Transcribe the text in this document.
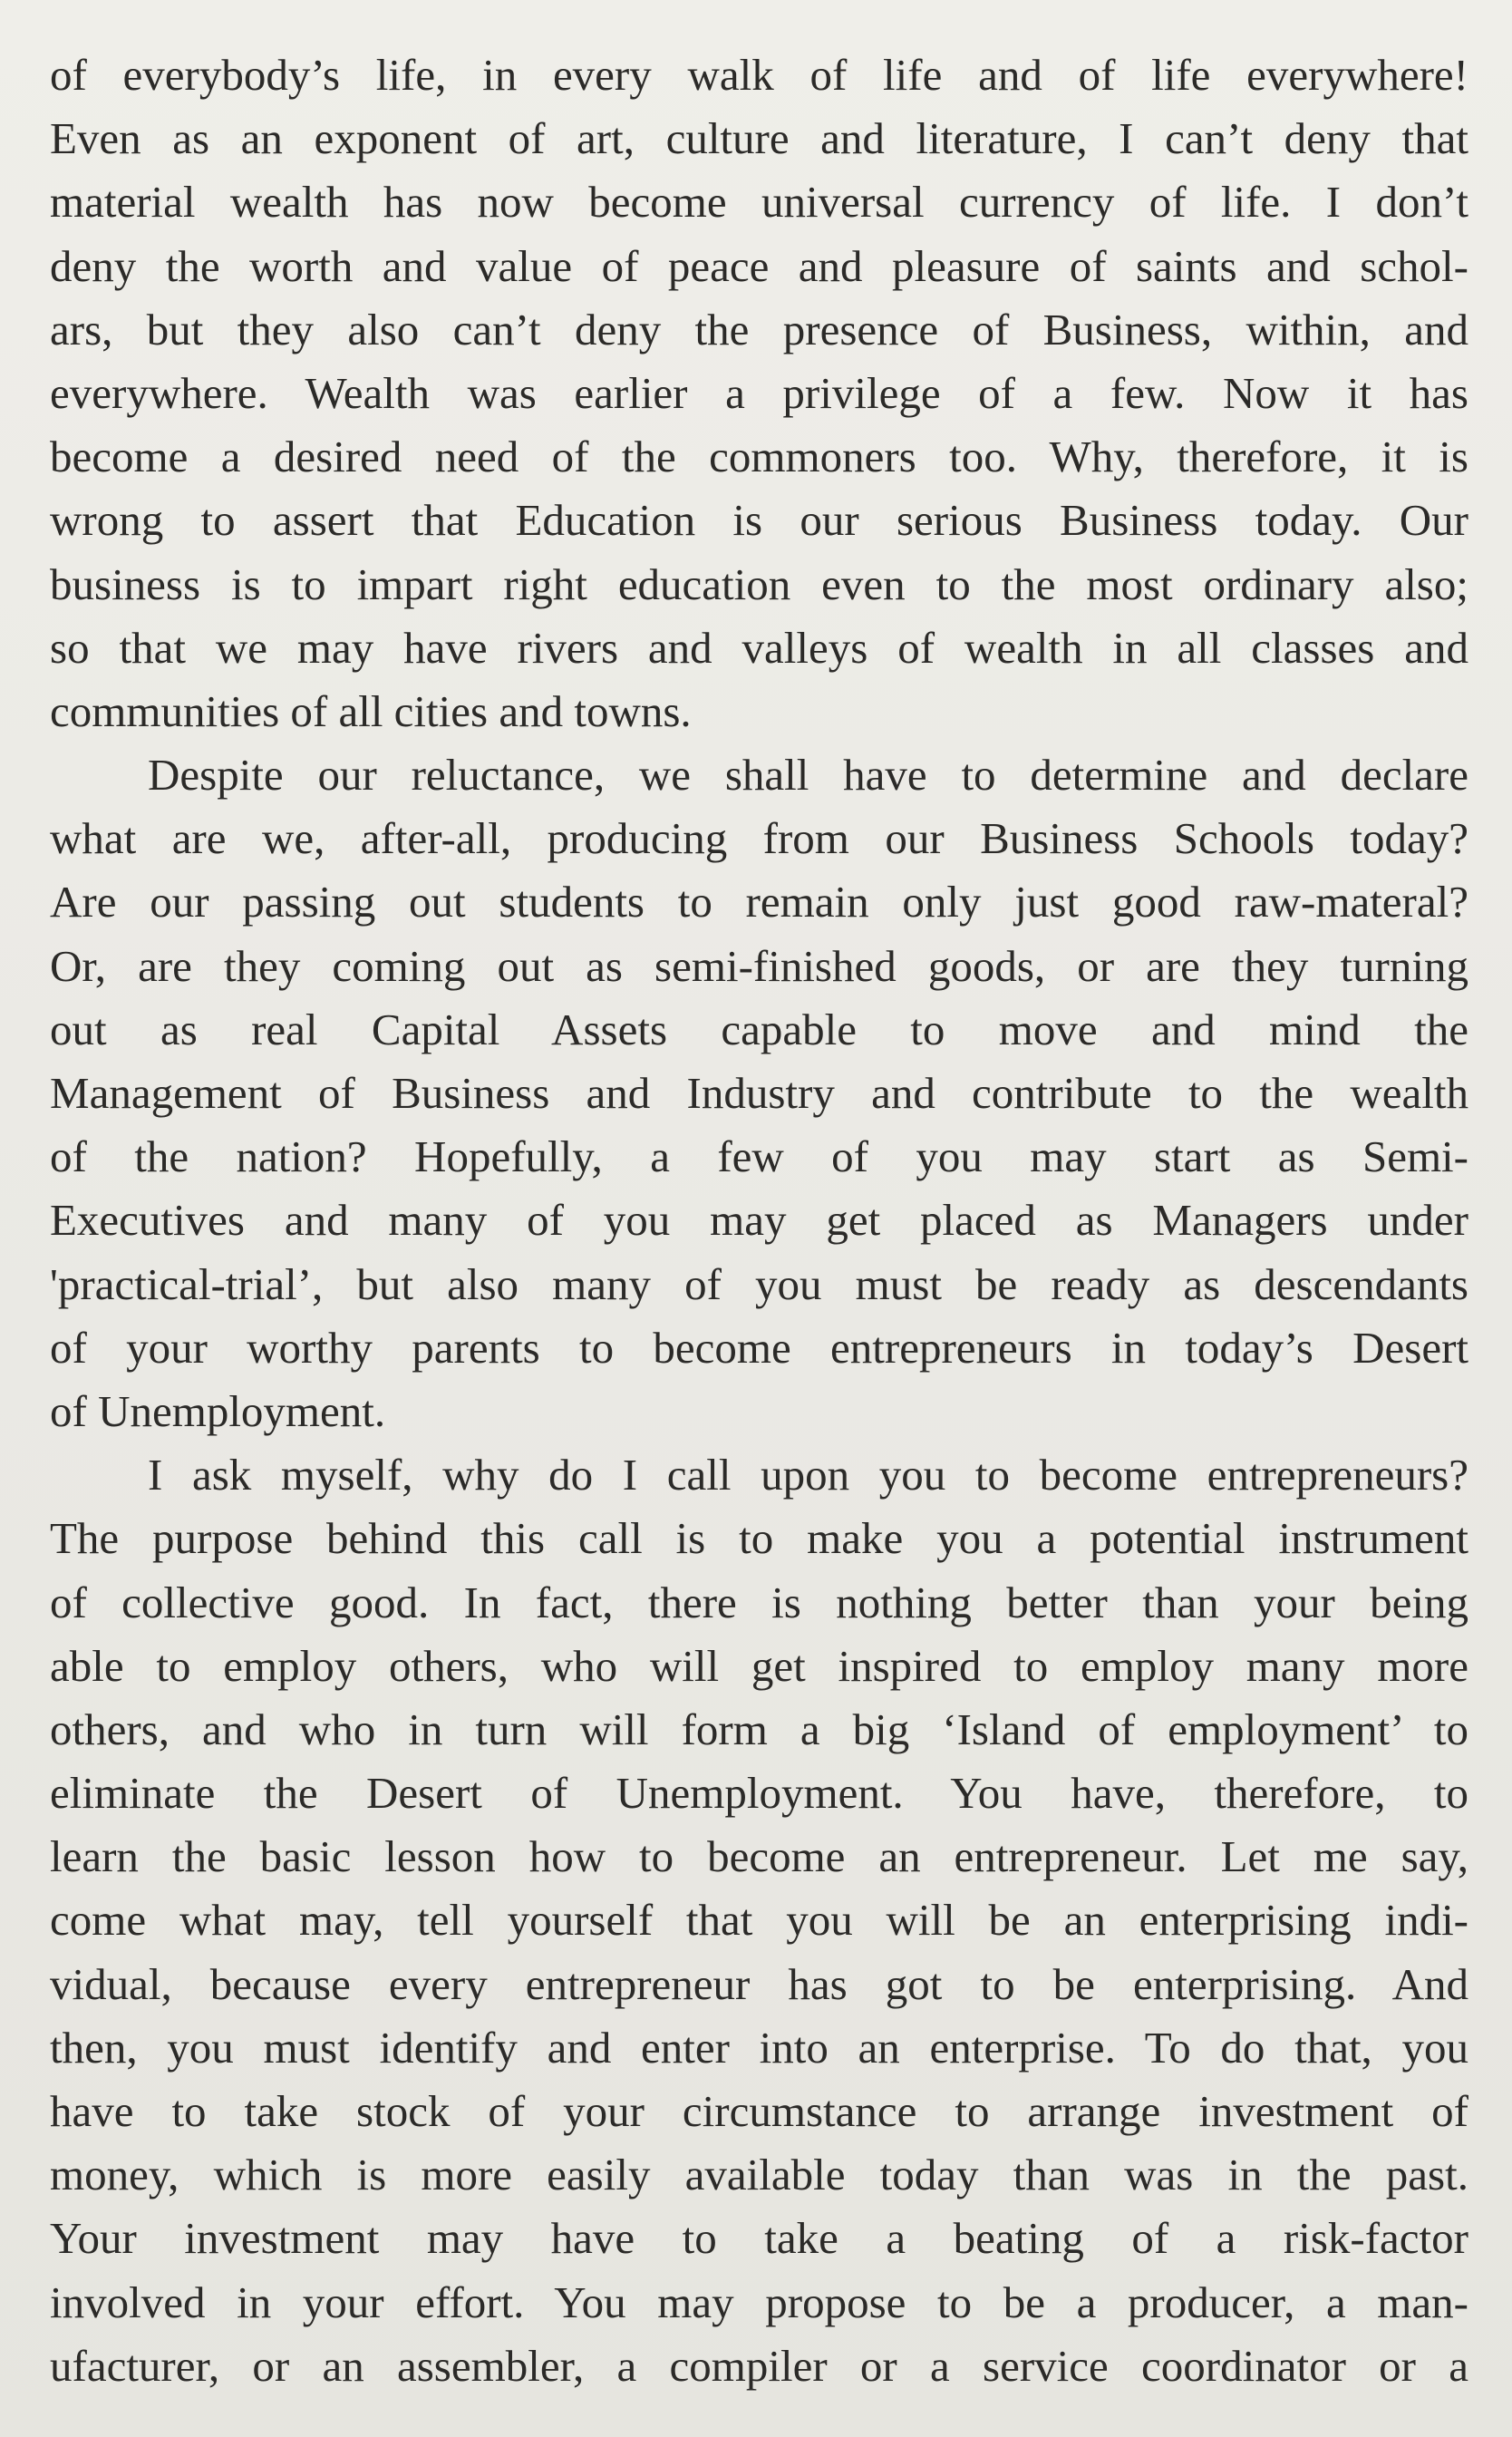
of everybody’s life, in every walk of life and of life everywhere!
Even as an exponent of art, culture and literature, I can’t deny that
material wealth has now become universal currency of life. I don’t
deny the worth and value of peace and pleasure of saints and schol-
ars, but they also can’t deny the presence of Business, within, and
everywhere. Wealth was earlier a privilege of a few. Now it has
become a desired need of the commoners too. Why, therefore, it is
wrong to assert that Education is our serious Business today. Our
business is to impart right education even to the most ordinary also;
so that we may have rivers and valleys of wealth in all classes and
communities of all cities and towns.
Despite our reluctance, we shall have to determine and declare
what are we, after-all, producing from our Business Schools today?
Are our passing out students to remain only just good raw-materal?
Or, are they coming out as semi-finished goods, or are they turning
out as real Capital Assets capable to move and mind the
Management of Business and Industry and contribute to the wealth
of the nation? Hopefully, a few of you may start as Semi-
Executives and many of you may get placed as Managers under
'practical-trial’, but also many of you must be ready as descendants
of your worthy parents to become entrepreneurs in today’s Desert
of Unemployment.
I ask myself, why do I call upon you to become entrepreneurs?
The purpose behind this call is to make you a potential instrument
of collective good. In fact, there is nothing better than your being
able to employ others, who will get inspired to employ many more
others, and who in turn will form a big ‘Island of employment’ to
eliminate the Desert of Unemployment. You have, therefore, to
learn the basic lesson how to become an entrepreneur. Let me say,
come what may, tell yourself that you will be an enterprising indi-
vidual, because every entrepreneur has got to be enterprising. And
then, you must identify and enter into an enterprise. To do that, you
have to take stock of your circumstance to arrange investment of
money, which is more easily available today than was in the past.
Your investment may have to take a beating of a risk-factor
involved in your effort. You may propose to be a producer, a man-
ufacturer, or an assembler, a compiler or a service coordinator or a
